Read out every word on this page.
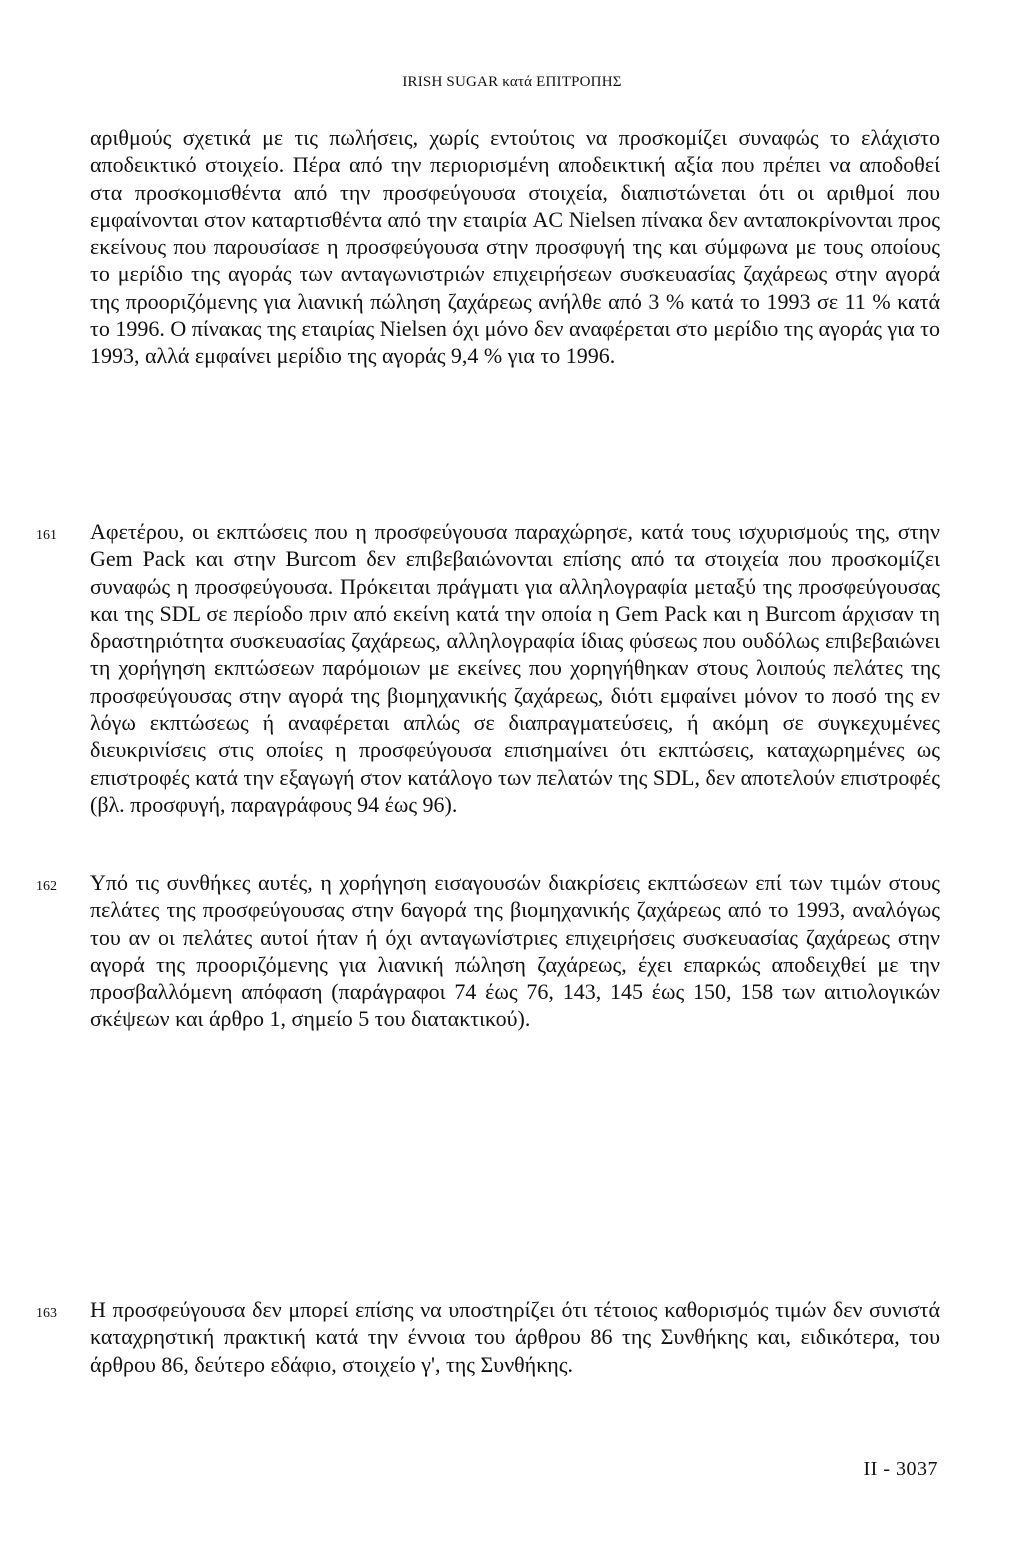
IRISH SUGAR κατά ΕΠΙΤΡΟΠΗΣ

αριθμούς σχετικά με τις πωλήσεις, χωρίς εντούτοις να προσκομίζει συναφώς το ελάχιστο αποδεικτικό στοιχείο. Πέρα από την περιορισμένη αποδεικτική αξία που πρέπει να αποδοθεί στα προσκομισθέντα από την προσφεύγουσα στοιχεία, διαπιστώνεται ότι οι αριθμοί που εμφαίνονται στον καταρτισθέντα από την εταιρία AC Nielsen πίνακα δεν ανταποκρίνονται προς εκείνους που παρουσίασε η προσφεύγουσα στην προσφυγή της και σύμφωνα με τους οποίους το μερίδιο της αγοράς των ανταγωνιστριών επιχειρήσεων συσκευασίας ζαχάρεως στην αγορά της προοριζόμενης για λιανική πώληση ζαχάρεως ανήλθε από 3 % κατά το 1993 σε 11 % κατά το 1996. Ο πίνακας της εταιρίας Nielsen όχι μόνο δεν αναφέρεται στο μερίδιο της αγοράς για το 1993, αλλά εμφαίνει μερίδιο της αγοράς 9,4 % για το 1996.

161 Αφετέρου, οι εκπτώσεις που η προσφεύγουσα παραχώρησε, κατά τους ισχυρισμούς της, στην Gem Pack και στην Burcom δεν επιβεβαιώνονται επίσης από τα στοιχεία που προσκομίζει συναφώς η προσφεύγουσα. Πρόκειται πράγματι για αλληλογραφία μεταξύ της προσφεύγουσας και της SDL σε περίοδο πριν από εκείνη κατά την οποία η Gem Pack και η Burcom άρχισαν τη δραστηριότητα συσκευασίας ζαχάρεως, αλληλογραφία ίδιας φύσεως που ουδόλως επιβεβαιώνει τη χορήγηση εκπτώσεων παρόμοιων με εκείνες που χορηγήθηκαν στους λοιπούς πελάτες της προσφεύγουσας στην αγορά της βιομηχανικής ζαχάρεως, διότι εμφαίνει μόνον το ποσό της εν λόγω εκπτώσεως ή αναφέρεται απλώς σε διαπραγματεύσεις, ή ακόμη σε συγκεχυμένες διευκρινίσεις στις οποίες η προσφεύγουσα επισημαίνει ότι εκπτώσεις, καταχωρημένες ως επιστροφές κατά την εξαγωγή στον κατάλογο των πελατών της SDL, δεν αποτελούν επιστροφές (βλ. προσφυγή, παραγράφους 94 έως 96).

162 Υπό τις συνθήκες αυτές, η χορήγηση εισαγουσών διακρίσεις εκπτώσεων επί των τιμών στους πελάτες της προσφεύγουσας στην 6αγορά της βιομηχανικής ζαχάρεως από το 1993, αναλόγως του αν οι πελάτες αυτοί ήταν ή όχι ανταγωνίστριες επιχειρήσεις συσκευασίας ζαχάρεως στην αγορά της προοριζόμενης για λιανική πώληση ζαχάρεως, έχει επαρκώς αποδειχθεί με την προσβαλλόμενη απόφαση (παράγραφοι 74 έως 76, 143, 145 έως 150, 158 των αιτιολογικών σκέψεων και άρθρο 1, σημείο 5 του διατακτικού).

163 Η προσφεύγουσα δεν μπορεί επίσης να υποστηρίζει ότι τέτοιος καθορισμός τιμών δεν συνιστά καταχρηστική πρακτική κατά την έννοια του άρθρου 86 της Συνθήκης και, ειδικότερα, του άρθρου 86, δεύτερο εδάφιο, στοιχείο γ', της Συνθήκης.

II - 3037
